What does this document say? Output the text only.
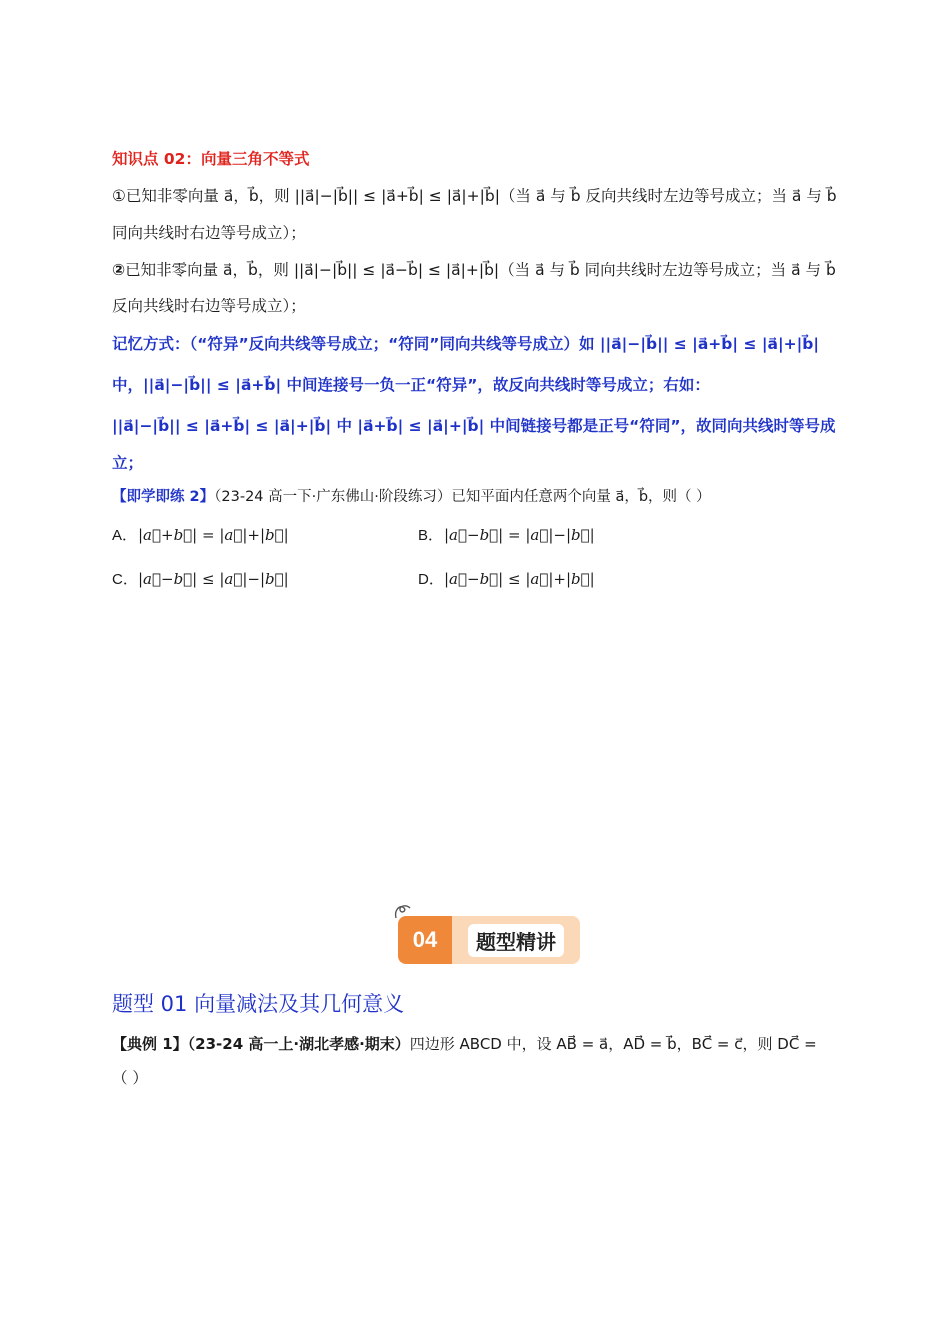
知识点 02：向量三角不等式
①已知非零向量 a⃗，b⃗，则 ||a⃗|−|b⃗|| ≤ |a⃗+b⃗| ≤ |a⃗|+|b⃗|（当 a⃗ 与 b⃗ 反向共线时左边等号成立；当 a⃗ 与 b⃗
同向共线时右边等号成立）；
②已知非零向量 a⃗，b⃗，则 ||a⃗|−|b⃗|| ≤ |a⃗−b⃗| ≤ |a⃗|+|b⃗|（当 a⃗ 与 b⃗ 同向共线时左边等号成立；当 a⃗ 与 b⃗
反向共线时右边等号成立）；
记忆方式：（“符异”反向共线等号成立；“符同”同向共线等号成立）如 ||a⃗|−|b⃗|| ≤ |a⃗+b⃗| ≤ |a⃗|+|b⃗|
中，||a⃗|−|b⃗|| ≤ |a⃗+b⃗| 中间连接号一负一正“符异”，故反向共线时等号成立；右如：
||a⃗|−|b⃗|| ≤ |a⃗+b⃗| ≤ |a⃗|+|b⃗| 中 |a⃗+b⃗| ≤ |a⃗|+|b⃗| 中间链接号都是正号“符同”，故同向共线时等号成
立；
【即学即练 2】（23-24 高一下·广东佛山·阶段练习）已知平面内任意两个向量 a⃗，b⃗，则（ ）
A．|a⃗+b⃗| = |a⃗|+|b⃗|	B．|a⃗−b⃗| = |a⃗|−|b⃗|
C．|a⃗−b⃗| ≤ |a⃗|−|b⃗|	D．|a⃗−b⃗| ≤ |a⃗|+|b⃗|
04	题型精讲
题型 01 向量减法及其几何意义
【典例 1】（23-24 高一上·湖北孝感·期末）四边形 ABCD 中，设 AB⃗ = a⃗，AD⃗ = b⃗，BC⃗ = c⃗，则 DC⃗ =
（ ）
